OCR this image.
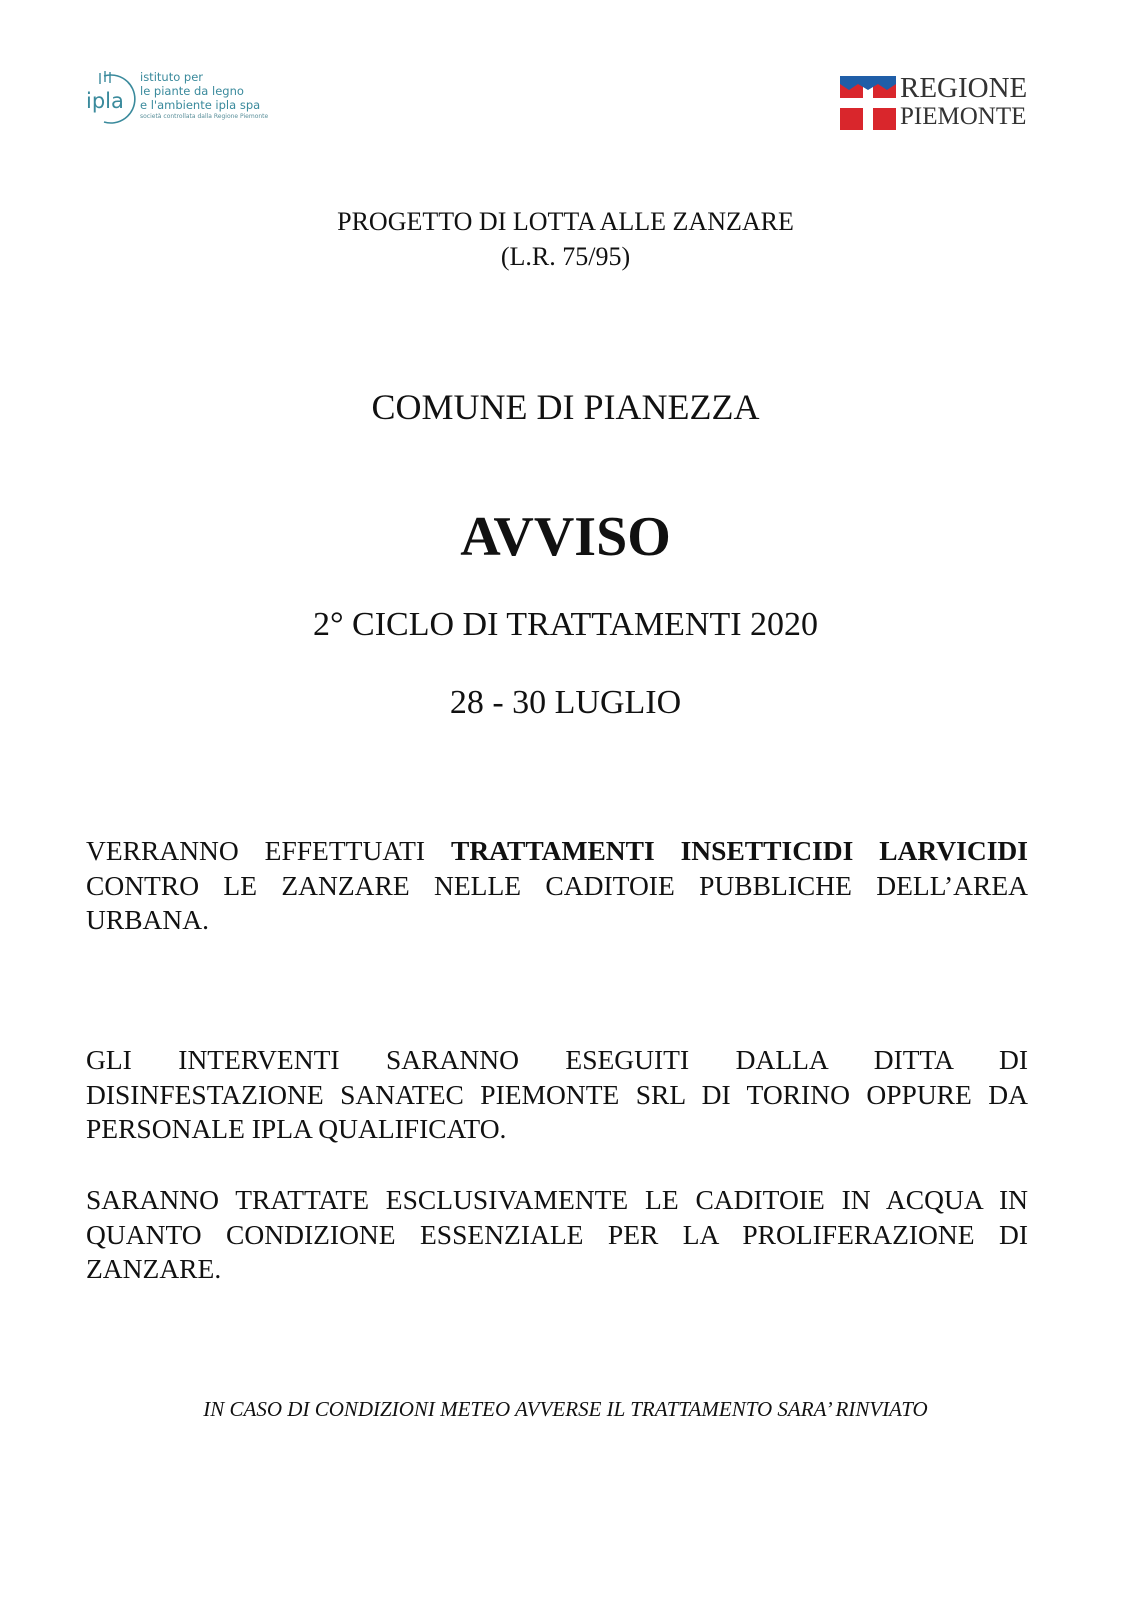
ipla
istituto per
le piante da legno
e l'ambiente ipla spa
società controllata dalla Regione Piemonte
REGIONE
PIEMONTE
PROGETTO DI LOTTA ALLE ZANZARE
(L.R. 75/95)
COMUNE DI PIANEZZA
AVVISO
2° CICLO DI TRATTAMENTI 2020
28 - 30 LUGLIO

VERRANNO EFFETTUATI TRATTAMENTI INSETTICIDI LARVICIDI CONTRO LE ZANZARE NELLE CADITOIE PUBBLICHE DELL’AREA URBANA.

GLI INTERVENTI SARANNO ESEGUITI DALLA DITTA DI DISINFESTAZIONE SANATEC PIEMONTE SRL DI TORINO OPPURE DA PERSONALE IPLA QUALIFICATO.

SARANNO TRATTATE ESCLUSIVAMENTE LE CADITOIE IN ACQUA IN QUANTO CONDIZIONE ESSENZIALE PER LA PROLIFERAZIONE DI ZANZARE.

IN CASO DI CONDIZIONI METEO AVVERSE IL TRATTAMENTO SARA’ RINVIATO
